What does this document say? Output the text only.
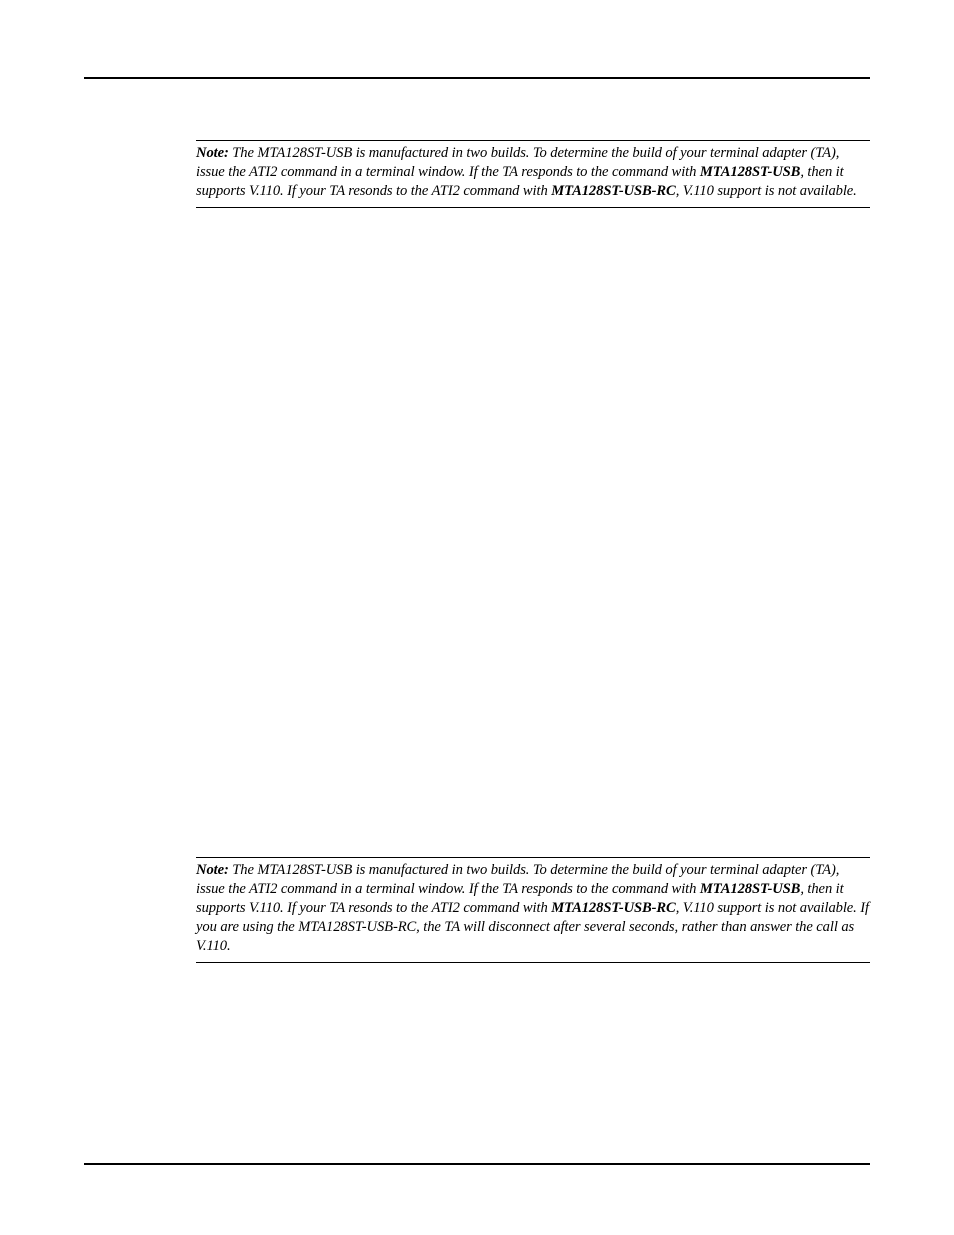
Note: The MTA128ST-USB is manufactured in two builds. To determine the build of your terminal adapter (TA), issue the ATI2 command in a terminal window. If the TA responds to the command with MTA128ST-USB, then it supports V.110. If your TA resonds to the ATI2 command with MTA128ST-USB-RC, V.110 support is not available.
Note: The MTA128ST-USB is manufactured in two builds. To determine the build of your terminal adapter (TA), issue the ATI2 command in a terminal window. If the TA responds to the command with MTA128ST-USB, then it supports V.110. If your TA resonds to the ATI2 command with MTA128ST-USB-RC, V.110 support is not available. If you are using the MTA128ST-USB-RC, the TA will disconnect after several seconds, rather than answer the call as V.110.
